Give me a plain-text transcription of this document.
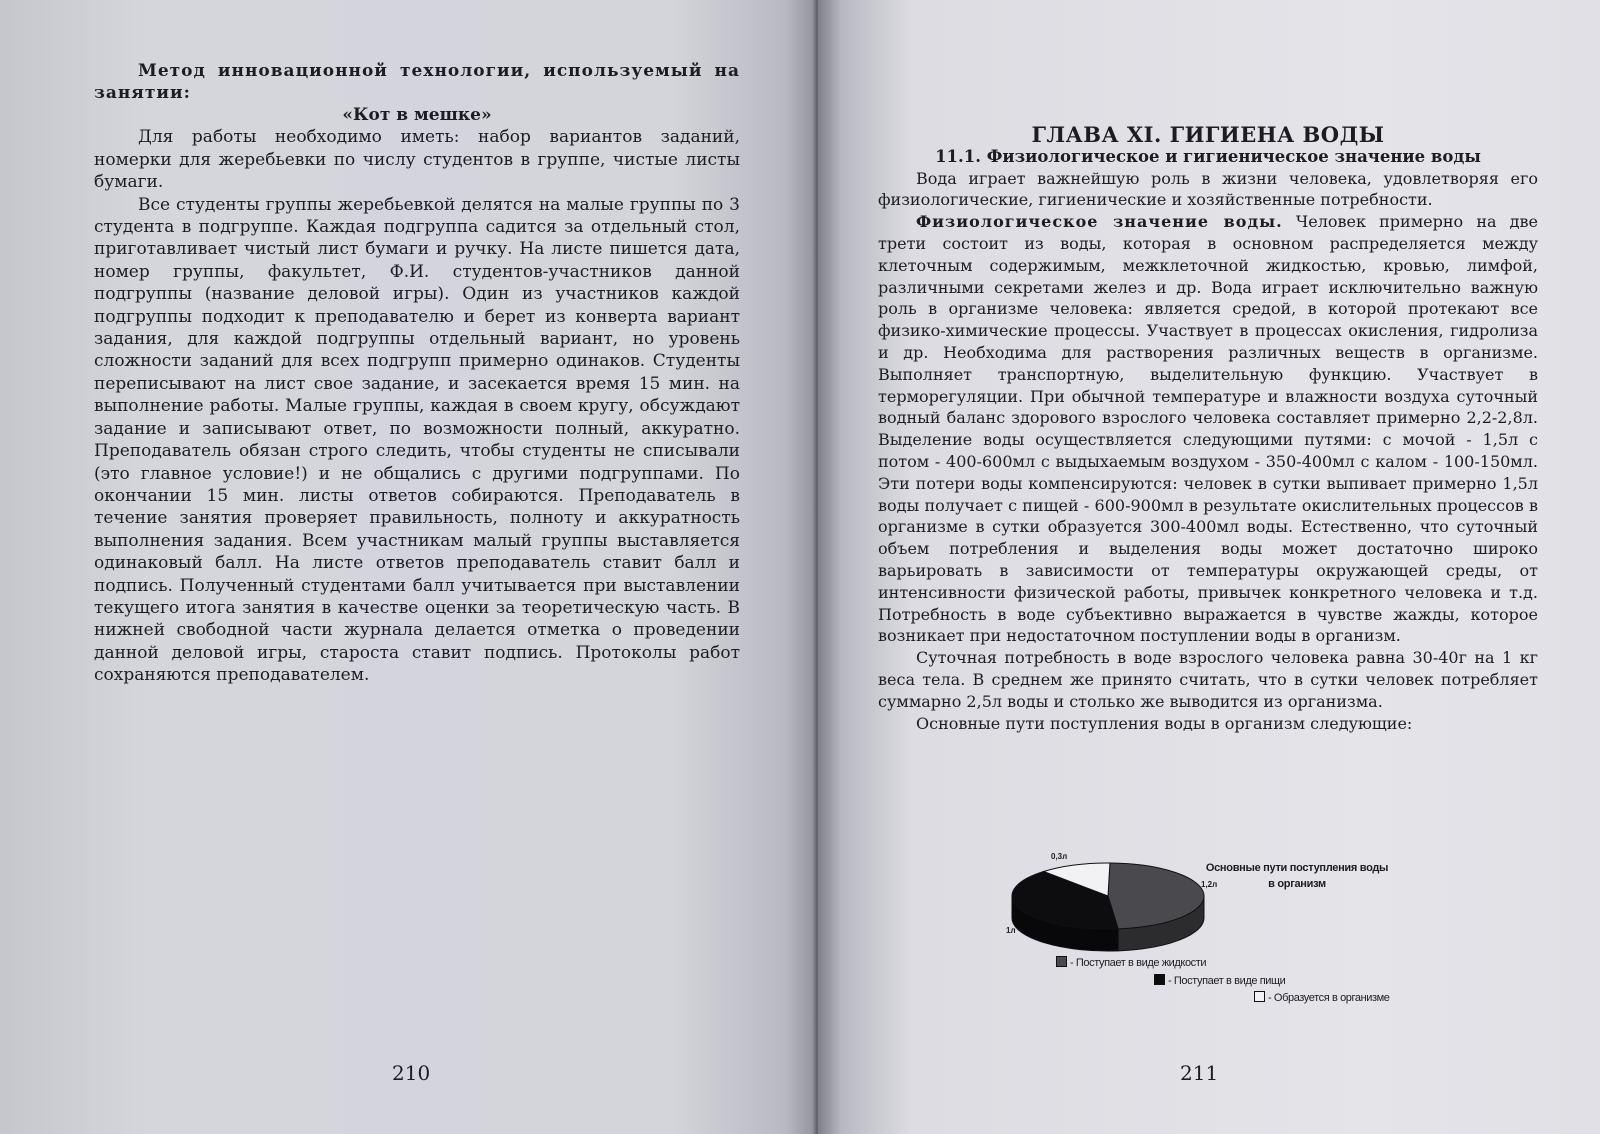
Метод инновационной технологии, используемый на занятии:

«Кот в мешке»

Для работы необходимо иметь: набор вариантов заданий, номерки для жеребьевки по числу студентов в группе, чистые листы бумаги.

Все студенты группы жеребьевкой делятся на малые группы по 3 студента в подгруппе. Каждая подгруппа садится за отдельный стол, приготавливает чистый лист бумаги и ручку. На листе пишется дата, номер группы, факультет, Ф.И. студентов-участников данной подгруппы (название деловой игры). Один из участников каждой подгруппы подходит к преподавателю и берет из конверта вариант задания, для каждой подгруппы отдельный вариант, но уровень сложности заданий для всех подгрупп примерно одинаков. Студенты переписывают на лист свое задание, и засекается время 15 мин. на выполнение работы. Малые группы, каждая в своем кругу, обсуждают задание и записывают ответ, по возможности полный, аккуратно. Преподаватель обязан строго следить, чтобы студенты не списывали (это главное условие!) и не общались с другими подгруппами. По окончании 15 мин. листы ответов собираются. Преподаватель в течение занятия проверяет правильность, полноту и аккуратность выполнения задания. Всем участникам малый группы выставляется одинаковый балл. На листе ответов преподаватель ставит балл и подпись. Полученный студентами балл учитывается при выставлении текущего итога занятия в качестве оценки за теоретическую часть. В нижней свободной части журнала делается отметка о проведении данной деловой игры, староста ставит подпись. Протоколы работ сохраняются преподавателем.

210

ГЛАВА XI. ГИГИЕНА ВОДЫ

11.1. Физиологическое и гигиеническое значение воды

Вода играет важнейшую роль в жизни человека, удовлетворяя его физиологические, гигиенические и хозяйственные потребности.

Физиологическое значение воды. Человек примерно на две трети состоит из воды, которая в основном распределяется между клеточным содержимым, межклеточной жидкостью, кровью, лимфой, различными секретами желез и др. Вода играет исключительно важную роль в организме человека: является средой, в которой протекают все физико-химические процессы. Участвует в процессах окисления, гидролиза и др. Необходима для растворения различных веществ в организме. Выполняет транспортную, выделительную функцию. Участвует в терморегуляции. При обычной температуре и влажности воздуха суточный водный баланс здорового взрослого человека составляет примерно 2,2-2,8л. Выделение воды осуществляется следующими путями: с мочой - 1,5л с потом - 400-600мл с выдыхаемым воздухом - 350-400мл с калом - 100-150мл. Эти потери воды компенсируются: человек в сутки выпивает примерно 1,5л воды получает с пищей - 600-900мл в результате окислительных процессов в организме в сутки образуется 300-400мл воды. Естественно, что суточный объем потребления и выделения воды может достаточно широко варьировать в зависимости от температуры окружающей среды, от интенсивности физической работы, привычек конкретного человека и т.д. Потребность в воде субъективно выражается в чувстве жажды, которое возникает при недостаточном поступлении воды в организм.

Суточная потребность в воде взрослого человека равна 30-40г на 1 кг веса тела. В среднем же принято считать, что в сутки человек потребляет суммарно 2,5л воды и столько же выводится из организма.

Основные пути поступления воды в организм следующие:

Основные пути поступления воды в организм
0,3л
1,2л
1л
- Поступает в виде жидкости
- Поступает в виде пищи
- Образуется в организме
211
